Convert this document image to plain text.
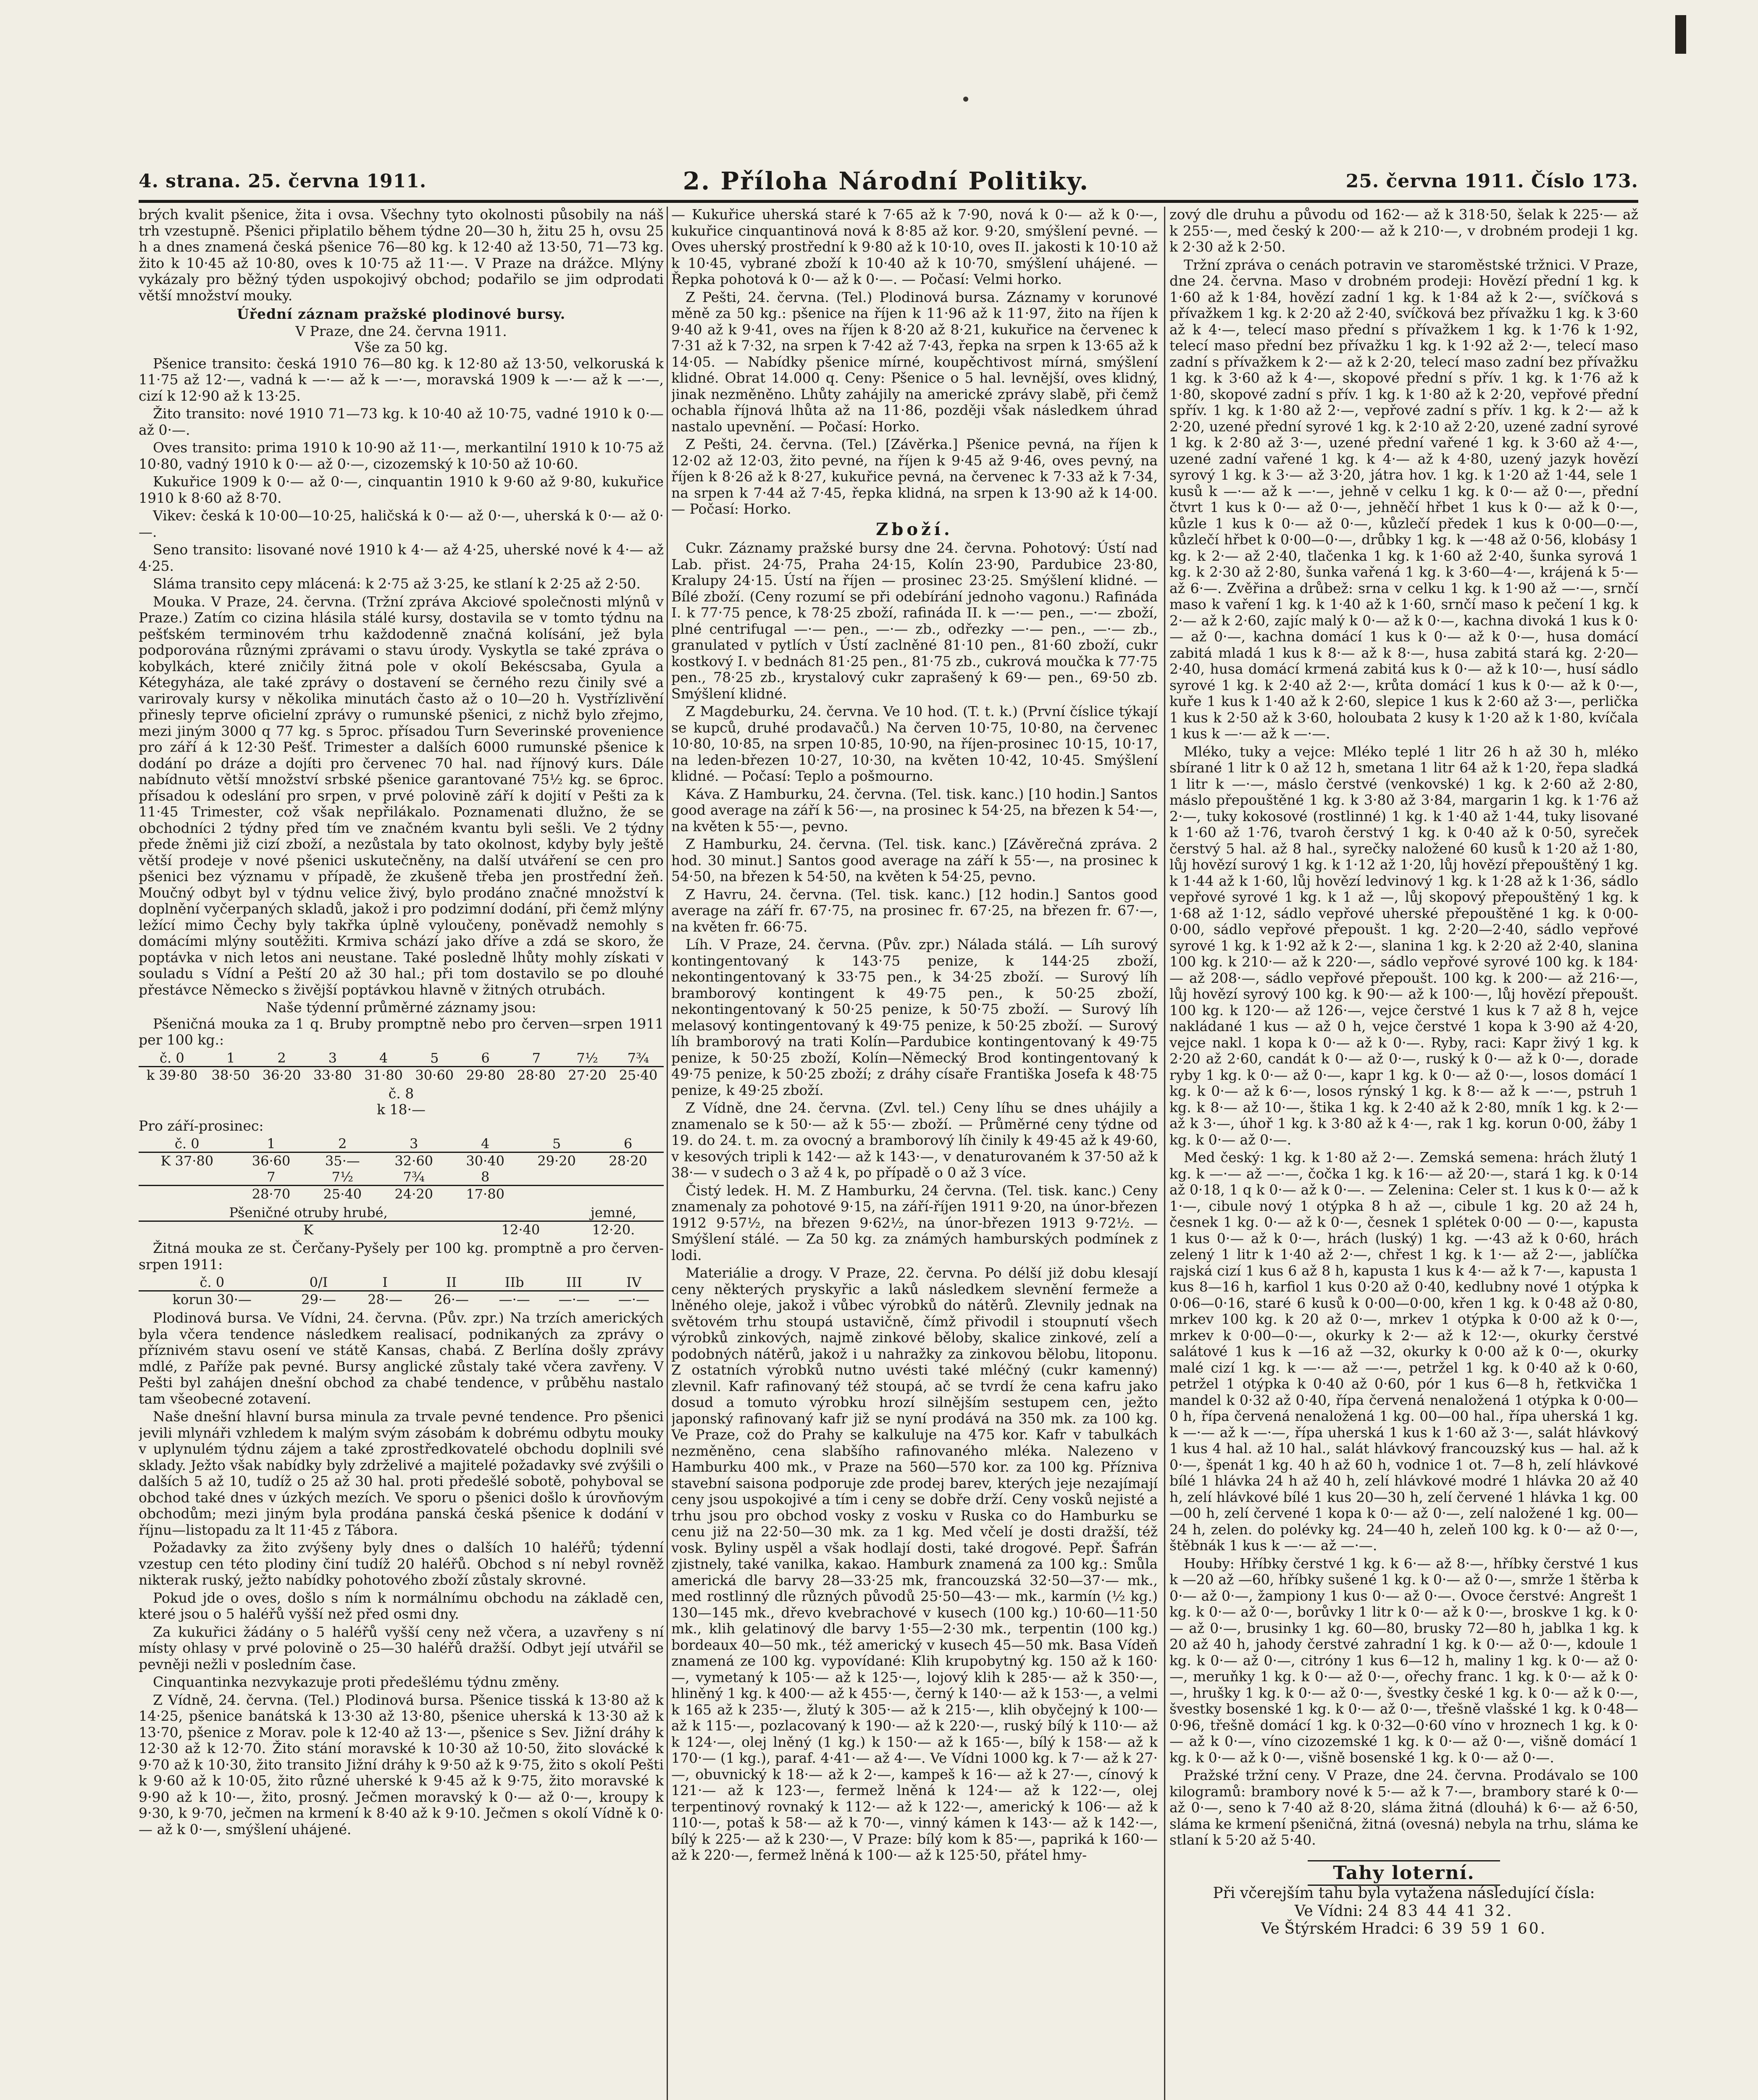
4. strana. 25. června 1911.	2. Příloha Národní Politiky.	25. června 1911. Číslo 173.

brých kvalit pšenice, žita i ovsa. Všechny tyto okolnosti působily na náš trh vzestupně. Pšenici připlatilo během týdne 20—30 h, žitu 25 h, ovsu 25 h a dnes znamená česká pšenice 76—80 kg. k 12·40 až 13·50, 71—73 kg. žito k 10·45 až 10·80, oves k 10·75 až 11·—. V Praze na drážce. Mlýny vykázaly pro běžný týden uspokojivý obchod; podařilo se jim odprodati větší množství mouky.

Úřední záznam pražské plodinové bursy.
V Praze, dne 24. června 1911.
Vše za 50 kg.

Pšenice transito: česká 1910 76—80 kg. k 12·80 až 13·50, velkoruská k 11·75 až 12·—, vadná k —·— až k —·—, moravská 1909 k —·— až k —·—, cizí k 12·90 až k 13·25.

Žito transito: nové 1910 71—73 kg. k 10·40 až 10·75, vadné 1910 k 0·— až 0·—.

Oves transito: prima 1910 k 10·90 až 11·—, merkantilní 1910 k 10·75 až 10·80, vadný 1910 k 0·— až 0·—, cizozemský k 10·50 až 10·60.

Kukuřice 1909 k 0·— až 0·—, cinquantin 1910 k 9·60 až 9·80, kukuřice 1910 k 8·60 až 8·70.

Vikev: česká k 10·00—10·25, haličská k 0·— až 0·—, uherská k 0·— až 0·—.

Seno transito: lisované nové 1910 k 4·— až 4·25, uherské nové k 4·— až 4·25.

Sláma transito cepy mlácená: k 2·75 až 3·25, ke stlaní k 2·25 až 2·50.

Mouka. V Praze, 24. června. (Tržní zpráva Akciové společnosti mlýnů v Praze.) Zatím co cizina hlásila stálé kursy, dostavila se v tomto týdnu na pešťském terminovém trhu každodenně značná kolísání, jež byla podporována různými zprávami o stavu úrody. Vyskytla se také zpráva o kobylkách, které zničily žitná pole v okolí Bekéscsaba, Gyula a Kétegyháza, ale také zprávy o dostavení se černého rezu činily své a varirovaly kursy v několika minutách často až o 10—20 h. Vystřízlivění přinesly teprve oficielní zprávy o rumunské pšenici, z nichž bylo zřejmo, mezi jiným 3000 q 77 kg. s 5proc. přísadou Turn Severinské provenience pro září á k 12·30 Pešť. Trimester a dalších 6000 rumunské pšenice k dodání po dráze a dojíti pro červenec 70 hal. nad říjnový kurs. Dále nabídnuto větší množství srbské pšenice garantované 75½ kg. se 6proc. přísadou k odeslání pro srpen, v prvé polovině září k dojití v Pešti za k 11·45 Trimester, což však nepřilákalo. Poznamenati dlužno, že se obchodníci 2 týdny před tím ve značném kvantu byli sešli. Ve 2 týdny přede žněmi již cizí zboží, a nezůstala by tato okolnost, kdyby byly ještě větší prodeje v nové pšenici uskutečněny, na další utváření se cen pro pšenici bez významu v případě, že zkušeně třeba jen prostřední žeň. Moučný odbyt byl v týdnu velice živý, bylo prodáno značné množství k doplnění vyčerpaných skladů, jakož i pro podzimní dodání, při čemž mlýny ležící mimo Čechy byly takřka úplně vyloučeny, poněvadž nemohly s domácími mlýny soutěžiti. Krmiva schází jako dříve a zdá se skoro, že poptávka v nich letos ani neustane. Také posledně lhůty mohly získati v souladu s Vídní a Peští 20 až 30 hal.; při tom dostavilo se po dlouhé přestávce Německo s živější poptávkou hlavně v žitných otrubách.

Naše týdenní průměrné záznamy jsou:

Pšeničná mouka za 1 q. Bruby promptně nebo pro červen—srpen 1911 per 100 kg.:

č. 0	1	2	3	4	5	6	7	7½	7¾
k 39·80	38·50	36·20	33·80	31·80	30·60	29·80	28·80	27·20	25·40
č. 8
k 18·—
Pro září-prosinec:
č. 0	1	2	3	4	5	6
K 37·80	36·60	35·—	32·60	30·40	29·20	28·20
	7	7½	7¾	8		
	28·70	25·40	24·20	17·80		
Pšeničné otruby hrubé,		jemné,
K	12·40	12·20.

Žitná mouka ze st. Čerčany-Pyšely per 100 kg. promptně a pro červen-srpen 1911:

č. 0	0/I	I	II	IIb	III	IV
korun 30·—	29·—	28·—	26·—	—·—	—·—	—·—

Plodinová bursa. Ve Vídni, 24. června. (Pův. zpr.) Na trzích amerických byla včera tendence následkem realisací, podnikaných za zprávy o příznivém stavu osení ve státě Kansas, chabá. Z Berlína došly zprávy mdlé, z Paříže pak pevné. Bursy anglické zůstaly také včera zavřeny. V Pešti byl zahájen dnešní obchod za chabé tendence, v průběhu nastalo tam všeobecné zotavení.

Naše dnešní hlavní bursa minula za trvale pevné tendence. Pro pšenici jevili mlynáři vzhledem k malým svým zásobám k dobrému odbytu mouky v uplynulém týdnu zájem a také zprostředkovatelé obchodu doplnili své sklady. Ježto však nabídky byly zdrželivé a majitelé požadavky své zvýšili o dalších 5 až 10, tudíž o 25 až 30 hal. proti předešlé sobotě, pohyboval se obchod také dnes v úzkých mezích. Ve sporu o pšenici došlo k úrovňovým obchodům; mezi jiným byla prodána panská česká pšenice k dodání v říjnu—listopadu za lt 11·45 z Tábora.

Požadavky za žito zvýšeny byly dnes o dalších 10 haléřů; týdenní vzestup cen této plodiny činí tudíž 20 haléřů. Obchod s ní nebyl rovněž nikterak ruský, ježto nabídky pohotového zboží zůstaly skrovné.

Pokud jde o oves, došlo s ním k normálnímu obchodu na základě cen, které jsou o 5 haléřů vyšší než před osmi dny.

Za kukuřici žádány o 5 haléřů vyšší ceny než včera, a uzavřeny s ní místy ohlasy v prvé polovině o 25—30 haléřů dražší. Odbyt její utvářil se pevněji nežli v posledním čase.

Cinquantinka nezvykazuje proti předešlému týdnu změny.

Z Vídně, 24. června. (Tel.) Plodinová bursa. Pšenice tisská k 13·80 až k 14·25, pšenice banátská k 13·30 až 13·80, pšenice uherská k 13·30 až k 13·70, pšenice z Morav. pole k 12·40 až 13·—, pšenice s Sev. Jižní dráhy k 12·30 až k 12·70. Žito stání moravské k 10·30 až 10·50, žito slovácké k 9·70 až k 10·30, žito transito Jižní dráhy k 9·50 až k 9·75, žito s okolí Pešti k 9·60 až k 10·05, žito různé uherské k 9·45 až k 9·75, žito moravské k 9·90 až k 10·—, žito, prosný. Ječmen moravský k 0·— až 0·—, kroupy k 9·30, k 9·70, ječmen na krmení k 8·40 až k 9·10. Ječmen s okolí Vídně k 0·— až k 0·—, smýšlení uhájené.

— Kukuřice uherská staré k 7·65 až k 7·90, nová k 0·— až k 0·—, kukuřice cinquantinová nová k 8·85 až kor. 9·20, smýšlení pevné. — Oves uherský prostřední k 9·80 až k 10·10, oves II. jakosti k 10·10 až k 10·45, vybrané zboží k 10·40 až k 10·70, smýšlení uhájené. — Řepka pohotová k 0·— až k 0·—. — Počasí: Velmi horko.

Z Pešti, 24. června. (Tel.) Plodinová bursa. Záznamy v korunové měně za 50 kg.: pšenice na říjen k 11·96 až k 11·97, žito na říjen k 9·40 až k 9·41, oves na říjen k 8·20 až 8·21, kukuřice na červenec k 7·31 až k 7·32, na srpen k 7·42 až 7·43, řepka na srpen k 13·65 až k 14·05. — Nabídky pšenice mírné, koupěchtivost mírná, smýšlení klidné. Obrat 14.000 q. Ceny: Pšenice o 5 hal. levnější, oves klidný, jinak nezměněno. Lhůty zahájily na americké zprávy slabě, při čemž ochabla říjnová lhůta až na 11·86, později však následkem úhrad nastalo upevnění. — Počasí: Horko.

Z Pešti, 24. června. (Tel.) [Závěrka.] Pšenice pevná, na říjen k 12·02 až 12·03, žito pevné, na říjen k 9·45 až 9·46, oves pevný, na říjen k 8·26 až k 8·27, kukuřice pevná, na červenec k 7·33 až k 7·34, na srpen k 7·44 až 7·45, řepka klidná, na srpen k 13·90 až k 14·00. — Počasí: Horko.

Zboží.

Cukr. Záznamy pražské bursy dne 24. června. Pohotový: Ústí nad Lab. přist. 24·75, Praha 24·15, Kolín 23·90, Pardubice 23·80, Kralupy 24·15. Ústí na říjen — prosinec 23·25. Smýšlení klidné. — Bílé zboží. (Ceny rozumí se při odebírání jednoho vagonu.) Rafináda I. k 77·75 pence, k 78·25 zboží, rafináda II. k —·— pen., —·— zboží, plné centrifugal —·— pen., —·— zb., odřezky —·— pen., —·— zb., granulated v pytlích v Ústí zaclněné 81·10 pen., 81·60 zboží, cukr kostkový I. v bednách 81·25 pen., 81·75 zb., cukrová moučka k 77·75 pen., 78·25 zb., krystalový cukr zaprašený k 69·— pen., 69·50 zb. Smýšlení klidné.

Z Magdeburku, 24. června. Ve 10 hod. (T. t. k.) (První číslice týkají se kupců, druhé prodavačů.) Na červen 10·75, 10·80, na červenec 10·80, 10·85, na srpen 10·85, 10·90, na říjen-prosinec 10·15, 10·17, na leden-březen 10·27, 10·30, na květen 10·42, 10·45. Smýšlení klidné. — Počasí: Teplo a pošmourno.

Káva. Z Hamburku, 24. června. (Tel. tisk. kanc.) [10 hodin.] Santos good average na září k 56·—, na prosinec k 54·25, na březen k 54·—, na květen k 55·—, pevno.

Z Hamburku, 24. června. (Tel. tisk. kanc.) [Závěrečná zpráva. 2 hod. 30 minut.] Santos good average na září k 55·—, na prosinec k 54·50, na březen k 54·50, na květen k 54·25, pevno.

Z Havru, 24. června. (Tel. tisk. kanc.) [12 hodin.] Santos good average na září fr. 67·75, na prosinec fr. 67·25, na březen fr. 67·—, na květen fr. 66·75.

Líh. V Praze, 24. června. (Pův. zpr.) Nálada stálá. — Líh surový kontingentovaný k 143·75 penize, k 144·25 zboží, nekontingentovaný k 33·75 pen., k 34·25 zboží. — Surový líh bramborový kontingent k 49·75 pen., k 50·25 zboží, nekontingentovaný k 50·25 penize, k 50·75 zboží. — Surový líh melasový kontingentovaný k 49·75 penize, k 50·25 zboží. — Surový líh bramborový na trati Kolín—Pardubice kontingentovaný k 49·75 penize, k 50·25 zboží, Kolín—Německý Brod kontingentovaný k 49·75 penize, k 50·25 zboží; z dráhy císaře Františka Josefa k 48·75 penize, k 49·25 zboží.

Z Vídně, dne 24. června. (Zvl. tel.) Ceny líhu se dnes uhájily a znamenalo se k 50·— až k 55·— zboží. — Průměrné ceny týdne od 19. do 24. t. m. za ovocný a bramborový líh činily k 49·45 až k 49·60, v kesových tripli k 142·— až k 143·—, v denaturovaném k 37·50 až k 38·— v sudech o 3 až 4 k, po případě o 0 až 3 více.

Čistý ledek. H. M. Z Hamburku, 24 června. (Tel. tisk. kanc.) Ceny znamenaly za pohotové 9·15, na září-říjen 1911 9·20, na únor-březen 1912 9·57½, na březen 9·62½, na únor-březen 1913 9·72½. — Smýšlení stálé. — Za 50 kg. za známých hamburských podmínek z lodi.

Materiálie a drogy. V Praze, 22. června. Po délší již dobu klesají ceny některých pryskyřic a laků následkem slevnění fermeže a lněného oleje, jakož i vůbec výrobků do nátěrů. Zlevnily jednak na světovém trhu stoupá ustavičně, čímž přivodil i stoupnutí všech výrobků zinkových, najmě zinkové běloby, skalice zinkové, zelí a podobných nátěrů, jakož i u nahražky za zinkovou bělobu, litoponu. Z ostatních výrobků nutno uvésti také mléčný (cukr kamenný) zlevnil. Kafr rafinovaný též stoupá, ač se tvrdí že cena kafru jako dosud a tomuto výrobku hrozí silnějším sestupem cen, ježto japonský rafinovaný kafr již se nyní prodává na 350 mk. za 100 kg. Ve Praze, což do Prahy se kalkuluje na 475 kor. Kafr v tabulkách nezměněno, cena slabšího rafinovaného mléka. Nalezeno v Hamburku 400 mk., v Praze na 560—570 kor. za 100 kg. Přízniva stavební saisona podporuje zde prodej barev, kterých jeje nezajímají ceny jsou uspokojivé a tím i ceny se dobře drží. Ceny vosků nejisté a trhu jsou pro obchod vosky z vosku v Ruska co do Hamburku se cenu již na 22·50—30 mk. za 1 kg. Med včelí je dosti dražší, též vosk. Byliny uspěl a však hodlají dosti, také drogové. Pepř. Šafrán zjistnely, také vanilka, kakao. Hamburk znamená za 100 kg.: Smůla americká dle barvy 28—33·25 mk, francouzská 32·50—37·— mk., med rostlinný dle různých původů 25·50—43·— mk., karmín (½ kg.) 130—145 mk., dřevo kvebrachové v kusech (100 kg.) 10·60—11·50 mk., klih gelatinový dle barvy 1·55—2·30 mk., terpentin (100 kg.) bordeaux 40—50 mk., též americký v kusech 45—50 mk. Basa Vídeň znamená ze 100 kg. vypovídané: Klih krupobytný kg. 150 až k 160·—, vymetaný k 105·— až k 125·—, lojový klih k 285·— až k 350·—, hliněný 1 kg. k 400·— až k 455·—, černý k 140·— až k 153·—, a velmi k 165 až k 235·—, žlutý k 305·— až k 215·—, klih obyčejný k 100·— až k 115·—, pozlacovaný k 190·— až k 220·—, ruský bílý k 110·— až k 124·—, olej lněný (1 kg.) k 150·— až k 165·—, bílý k 158·— až k 170·— (1 kg.), paraf. 4·41·— až 4·—. Ve Vídni 1000 kg. k 7·— až k 27·—, obuvnický k 18·— až k 2·—, kampeš k 16·— až k 27·—, cínový k 121·— až k 123·—, fermež lněná k 124·— až k 122·—, olej terpentinový rovnaký k 112·— až k 122·—, americký k 106·— až k 110·—, potaš k 58·— až k 70·—, vinný kámen k 143·— až k 142·—, bílý k 225·— až k 230·—, V Praze: bílý kom k 85·—, papriká k 160·— až k 220·—, fermež lněná k 100·— až k 125·50, přátel hmy-

zový dle druhu a původu od 162·— až k 318·50, šelak k 225·— až k 255·—, med český k 200·— až k 210·—, v drobném prodeji 1 kg. k 2·30 až k 2·50.

Tržní zpráva o cenách potravin ve staroměstské tržnici. V Praze, dne 24. června. Maso v drobném prodeji: Hovězí přední 1 kg. k 1·60 až k 1·84, hovězí zadní 1 kg. k 1·84 až k 2·—, svíčková s přívažkem 1 kg. k 2·20 až 2·40, svíčková bez přívažku 1 kg. k 3·60 až k 4·—, telecí maso přední s přívažkem 1 kg. k 1·76 k 1·92, telecí maso přední bez přívažku 1 kg. k 1·92 až 2·—, telecí maso zadní s přívažkem k 2·— až k 2·20, telecí maso zadní bez přívažku 1 kg. k 3·60 až k 4·—, skopové přední s přív. 1 kg. k 1·76 až k 1·80, skopové zadní s přív. 1 kg. k 1·80 až k 2·20, vepřové přední spřív. 1 kg. k 1·80 až 2·—, vepřové zadní s přív. 1 kg. k 2·— až k 2·20, uzené přední syrové 1 kg. k 2·10 až 2·20, uzené zadní syrové 1 kg. k 2·80 až 3·—, uzené přední vařené 1 kg. k 3·60 až 4·—, uzené zadní vařené 1 kg. k 4·— až k 4·80, uzený jazyk hovězí syrový 1 kg. k 3·— až 3·20, játra hov. 1 kg. k 1·20 až 1·44, sele 1 kusů k —·— až k —·—, jehně v celku 1 kg. k 0·— až 0·—, přední čtvrt 1 kus k 0·— až 0·—, jehněčí hřbet 1 kus k 0·— až k 0·—, kůzle 1 kus k 0·— až 0·—, kůzlečí předek 1 kus k 0·00—0·—, kůzlečí hřbet k 0·00—0·—, drůbky 1 kg. k —·48 až 0·56, klobásy 1 kg. k 2·— až 2·40, tlačenka 1 kg. k 1·60 až 2·40, šunka syrová 1 kg. k 2·30 až 2·80, šunka vařená 1 kg. k 3·60—4·—, krájená k 5·— až 6·—. Zvěřina a drůbež: srna v celku 1 kg. k 1·90 až —·—, srnčí maso k vaření 1 kg. k 1·40 až k 1·60, srnčí maso k pečení 1 kg. k 2·— až k 2·60, zajíc malý k 0·— až k 0·—, kachna divoká 1 kus k 0·— až 0·—, kachna domácí 1 kus k 0·— až k 0·—, husa domácí zabitá mladá 1 kus k 8·— až k 8·—, husa zabitá stará kg. 2·20—2·40, husa domácí krmená zabitá kus k 0·— až k 10·—, husí sádlo syrové 1 kg. k 2·40 až 2·—, krůta domácí 1 kus k 0·— až k 0·—, kuře 1 kus k 1·40 až k 2·60, slepice 1 kus k 2·60 až 3·—, perlička 1 kus k 2·50 až k 3·60, holoubata 2 kusy k 1·20 až k 1·80, kvíčala 1 kus k —·— až k —·—.

Mléko, tuky a vejce: Mléko teplé 1 litr 26 h až 30 h, mléko sbírané 1 litr k 0 až 12 h, smetana 1 litr 64 až k 1·20, řepa sladká 1 litr k —·—, máslo čerstvé (venkovské) 1 kg. k 2·60 až 2·80, máslo přepouštěné 1 kg. k 3·80 až 3·84, margarin 1 kg. k 1·76 až 2·—, tuky kokosové (rostlinné) 1 kg. k 1·40 až 1·44, tuky lisované k 1·60 až 1·76, tvaroh čerstvý 1 kg. k 0·40 až k 0·50, syreček čerstvý 5 hal. až 8 hal., syrečky naložené 60 kusů k 1·20 až 1·80, lůj hovězí surový 1 kg. k 1·12 až 1·20, lůj hovězí přepouštěný 1 kg. k 1·44 až k 1·60, lůj hovězí ledvinový 1 kg. k 1·28 až k 1·36, sádlo vepřové syrové 1 kg. k 1 až —, lůj skopový přepouštěný 1 kg. k 1·68 až 1·12, sádlo vepřové uherské přepouštěné 1 kg. k 0·00-0·00, sádlo vepřové přepoušt. 1 kg. 2·20—2·40, sádlo vepřové syrové 1 kg. k 1·92 až k 2·—, slanina 1 kg. k 2·20 až 2·40, slanina 100 kg. k 210·— až k 220·—, sádlo vepřové syrové 100 kg. k 184·— až 208·—, sádlo vepřové přepoušt. 100 kg. k 200·— až 216·—, lůj hovězí syrový 100 kg. k 90·— až k 100·—, lůj hovězí přepoušt. 100 kg. k 120·— až 126·—, vejce čerstvé 1 kus k 7 až 8 h, vejce nakládané 1 kus — až 0 h, vejce čerstvé 1 kopa k 3·90 až 4·20, vejce nakl. 1 kopa k 0·— až k 0·—. Ryby, raci: Kapr živý 1 kg. k 2·20 až 2·60, candát k 0·— až 0·—, ruský k 0·— až k 0·—, dorade ryby 1 kg. k 0·— až 0·—, kapr 1 kg. k 0·— až 0·—, losos domácí 1 kg. k 0·— až k 6·—, losos rýnský 1 kg. k 8·— až k —·—, pstruh 1 kg. k 8·— až 10·—, štika 1 kg. k 2·40 až k 2·80, mník 1 kg. k 2·— až k 3·—, úhoř 1 kg. k 3·80 až k 4·—, rak 1 kg. korun 0·00, žáby 1 kg. k 0·— až 0·—.

Med český: 1 kg. k 1·80 až 2·—. Zemská semena: hrách žlutý 1 kg. k —·— až —·—, čočka 1 kg. k 16·— až 20·—, stará 1 kg. k 0·14 až 0·18, 1 q k 0·— až k 0·—. — Zelenina: Celer st. 1 kus k 0·— až k 1·—, cibule nový 1 otýpka 8 h až —, cibule 1 kg. 20 až 24 h, česnek 1 kg. 0·— až k 0·—, česnek 1 splétek 0·00 — 0·—, kapusta 1 kus 0·— až k 0·—, hrách (luský) 1 kg. —·43 až k 0·60, hrách zelený 1 litr k 1·40 až 2·—, chřest 1 kg. k 1·— až 2·—, jablíčka rajská cizí 1 kus 6 až 8 h, kapusta 1 kus k 4·— až k 7·—, kapusta 1 kus 8—16 h, karfiol 1 kus 0·20 až 0·40, kedlubny nové 1 otýpka k 0·06—0·16, staré 6 kusů k 0·00—0·00, křen 1 kg. k 0·48 až 0·80, mrkev 100 kg. k 20 až 0·—, mrkev 1 otýpka k 0·00 až k 0·—, mrkev k 0·00—0·—, okurky k 2·— až k 12·—, okurky čerstvé salátové 1 kus k —16 až —32, okurky k 0·00 až k 0·—, okurky malé cizí 1 kg. k —·— až —·—, petržel 1 kg. k 0·40 až k 0·60, petržel 1 otýpka k 0·40 až 0·60, pór 1 kus 6—8 h, řetkvička 1 mandel k 0·32 až 0·40, řípa červená nenaložená 1 otýpka k 0·00—0 h, řípa červená nenaložená 1 kg. 00—00 hal., řípa uherská 1 kg. k —·— až k —·—, řípa uherská 1 kus k 1·60 až 3·—, salát hlávkový 1 kus 4 hal. až 10 hal., salát hlávkový francouzský kus — hal. až k 0·—, špenát 1 kg. 40 h až 60 h, vodnice 1 ot. 7—8 h, zelí hlávkové bílé 1 hlávka 24 h až 40 h, zelí hlávkové modré 1 hlávka 20 až 40 h, zelí hlávkové bílé 1 kus 20—30 h, zelí červené 1 hlávka 1 kg. 00—00 h, zelí červené 1 kopa k 0·— až 0·—, zelí naložené 1 kg. 00—24 h, zelen. do polévky kg. 24—40 h, zeleň 100 kg. k 0·— až 0·—, štěbnák 1 kus k —·— až —·—.

Houby: Hříbky čerstvé 1 kg. k 6·— až 8·—, hříbky čerstvé 1 kus k —20 až —60, hříbky sušené 1 kg. k 0·— až 0·—, smrže 1 štěrba k 0·— až 0·—, žampiony 1 kus 0·— až 0·—. Ovoce čerstvé: Angrešt 1 kg. k 0·— až 0·—, borůvky 1 litr k 0·— až k 0·—, broskve 1 kg. k 0·— až 0·—, brusinky 1 kg. 60—80, brusky 72—80 h, jablka 1 kg. k 20 až 40 h, jahody čerstvé zahradní 1 kg. k 0·— až 0·—, kdoule 1 kg. k 0·— až 0·—, citróny 1 kus 6—12 h, maliny 1 kg. k 0·— až 0·—, meruňky 1 kg. k 0·— až 0·—, ořechy franc. 1 kg. k 0·— až k 0·—, hrušky 1 kg. k 0·— až 0·—, švestky české 1 kg. k 0·— až k 0·—, švestky bosenské 1 kg. k 0·— až 0·—, třešně vlašské 1 kg. k 0·48—0·96, třešně domácí 1 kg. k 0·32—0·60 víno v hroznech 1 kg. k 0·— až k 0·—, víno cizozemské 1 kg. k 0·— až 0·—, višně domácí 1 kg. k 0·— až k 0·—, višně bosenské 1 kg. k 0·— až 0·—.

Pražské tržní ceny. V Praze, dne 24. června. Prodávalo se 100 kilogramů: brambory nové k 5·— až k 7·—, brambory staré k 0·— až 0·—, seno k 7·40 až 8·20, sláma žitná (dlouhá) k 6·— až 6·50, sláma ke krmení pšeničná, žitná (ovesná) nebyla na trhu, sláma ke stlaní k 5·20 až 5·40.

Tahy loterní.
Při včerejším tahu byla vytažena následující čísla:
Ve Vídni: 24 83 44 41 32.
Ve Štýrském Hradci: 6 39 59 1 60.
